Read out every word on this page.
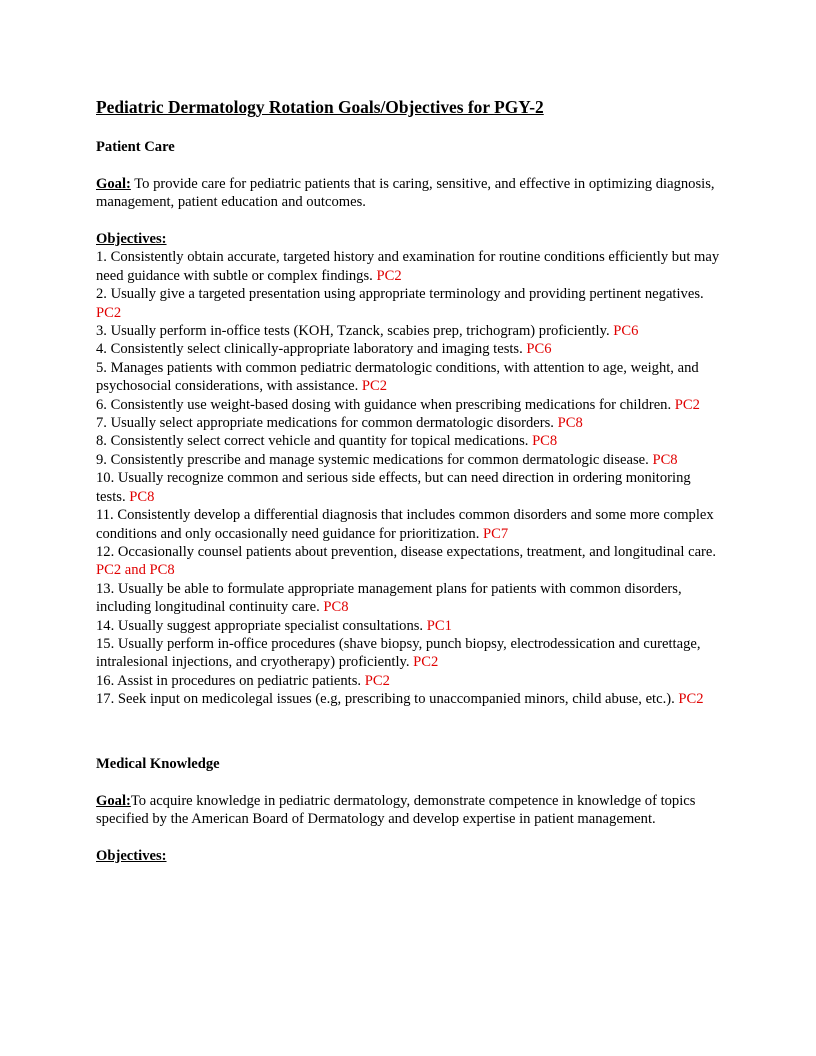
Pediatric Dermatology Rotation Goals/Objectives for PGY-2

Patient Care

Goal: To provide care for pediatric patients that is caring, sensitive, and effective in optimizing diagnosis, management, patient education and outcomes.

Objectives:

1. Consistently obtain accurate, targeted history and examination for routine conditions efficiently but may need guidance with subtle or complex findings. PC2

2. Usually give a targeted presentation using appropriate terminology and providing pertinent negatives. PC2

3. Usually perform in-office tests (KOH, Tzanck, scabies prep, trichogram) proficiently. PC6

4. Consistently select clinically-appropriate laboratory and imaging tests. PC6

5. Manages patients with common pediatric dermatologic conditions, with attention to age, weight, and psychosocial considerations, with assistance. PC2

6. Consistently use weight-based dosing with guidance when prescribing medications for children. PC2

7. Usually select appropriate medications for common dermatologic disorders. PC8

8. Consistently select correct vehicle and quantity for topical medications. PC8

9. Consistently prescribe and manage systemic medications for common dermatologic disease. PC8

10. Usually recognize common and serious side effects, but can need direction in ordering monitoring tests. PC8

11. Consistently develop a differential diagnosis that includes common disorders and some more complex conditions and only occasionally need guidance for prioritization. PC7

12. Occasionally counsel patients about prevention, disease expectations, treatment, and longitudinal care. PC2 and PC8

13. Usually be able to formulate appropriate management plans for patients with common disorders, including longitudinal continuity care. PC8

14. Usually suggest appropriate specialist consultations. PC1

15. Usually perform in-office procedures (shave biopsy, punch biopsy, electrodessication and curettage, intralesional injections, and cryotherapy) proficiently. PC2

16. Assist in procedures on pediatric patients. PC2

17. Seek input on medicolegal issues (e.g, prescribing to unaccompanied minors, child abuse, etc.). PC2

Medical Knowledge

Goal:To acquire knowledge in pediatric dermatology, demonstrate competence in knowledge of topics specified by the American Board of Dermatology and develop expertise in patient management.

Objectives:
